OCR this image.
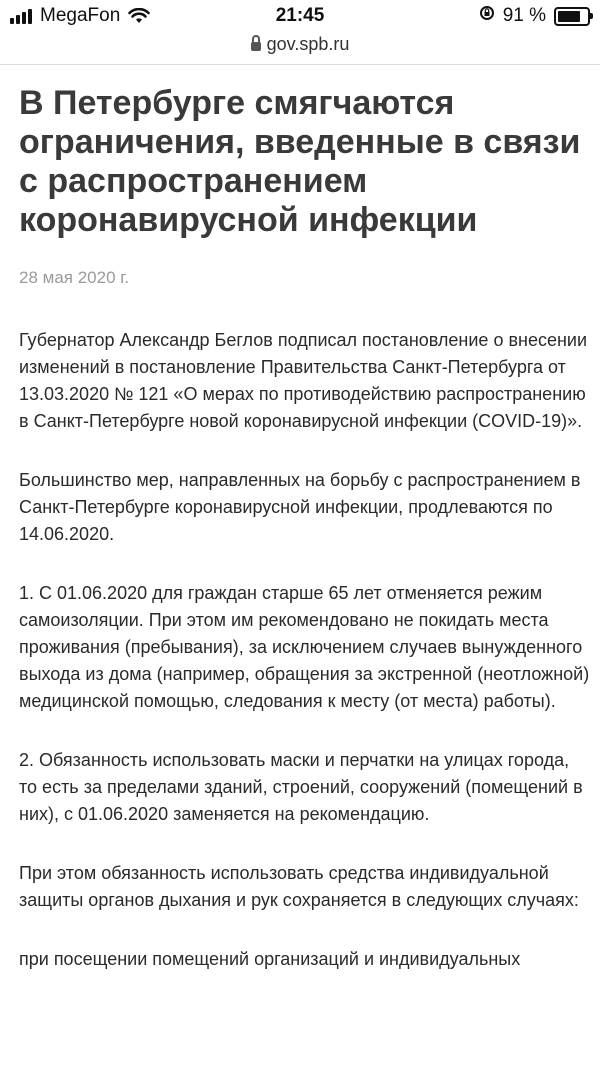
MegaFon	21:45	91 %
gov.spb.ru
В Петербурге смягчаются ограничения, введенные в связи с распространением коронавирусной инфекции
28 мая 2020 г.
Губернатор Александр Беглов подписал постановление о внесении изменений в постановление Правительства Санкт-Петербурга от 13.03.2020 № 121 «О мерах по противодействию распространению в Санкт-Петербурге новой коронавирусной инфекции (COVID-19)».
Большинство мер, направленных на борьбу с распространением в Санкт-Петербурге коронавирусной инфекции, продлеваются по 14.06.2020.
1. С 01.06.2020 для граждан старше 65 лет отменяется режим самоизоляции. При этом им рекомендовано не покидать места проживания (пребывания), за исключением случаев вынужденного выхода из дома (например, обращения за экстренной (неотложной) медицинской помощью, следования к месту (от места) работы).
2. Обязанность использовать маски и перчатки на улицах города, то есть за пределами зданий, строений, сооружений (помещений в них), с 01.06.2020 заменяется на рекомендацию.
При этом обязанность использовать средства индивидуальной защиты органов дыхания и рук сохраняется в следующих случаях:
при посещении помещений организаций и индивидуальных
